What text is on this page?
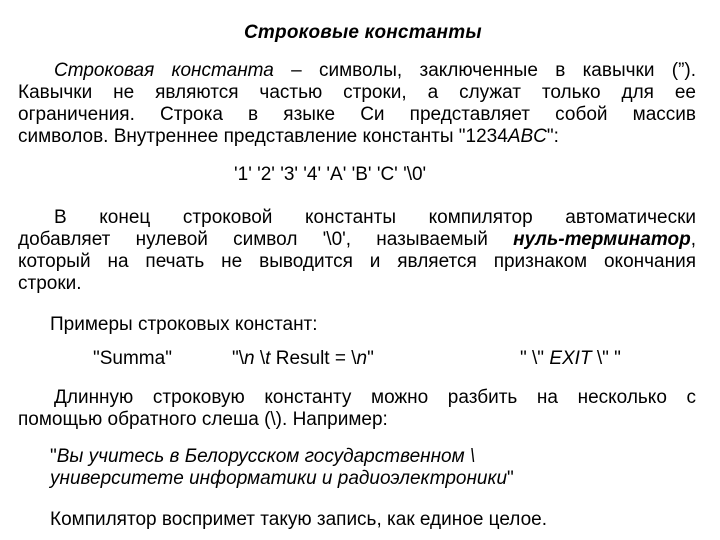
Строковые константы
Строковая константа – символы, заключенные в кавычки (”).
Кавычки не являются частью строки, а служат только для ее
ограничения. Строка в языке Си представляет собой массив
символов. Внутреннее представление константы "1234ABC":
'1' '2' '3' '4' 'A' 'B' 'C' '\0'
В конец строковой константы компилятор автоматически
добавляет нулевой символ '\0', называемый нуль-терминатор,
который на печать не выводится и является признаком окончания
строки.
Примеры строковых констант:
"Summa"	"\n \t Result = \n"	" \" EXIT \" "
Длинную строковую константу можно разбить на несколько с
помощью обратного слеша (\). Например:
"Вы учитесь в Белорусском государственном \
университете информатики и радиоэлектроники"
Компилятор воспримет такую запись, как единое целое.
